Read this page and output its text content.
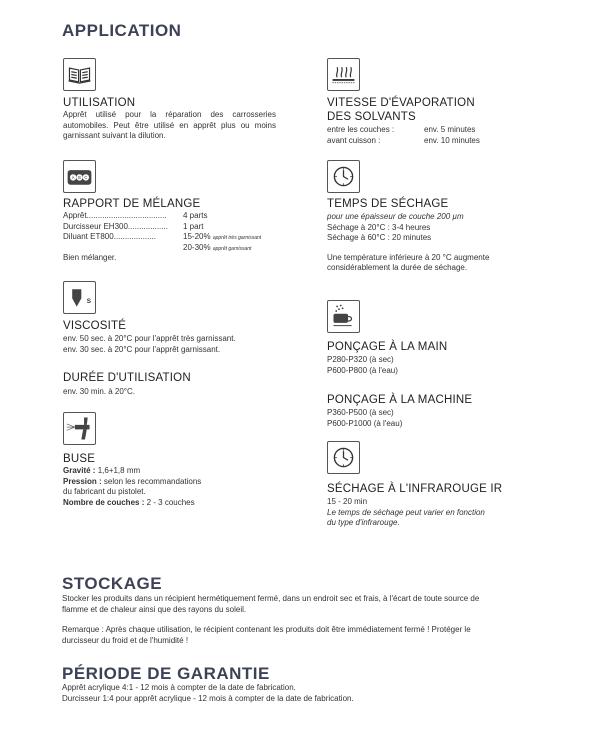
APPLICATION
UTILISATION
Apprêt utilisé pour la réparation des carrosseries automobiles. Peut être utilisé en apprêt plus ou moins garnissant suivant la dilution.
A B C
RAPPORT DE MÉLANGE
Apprêt.................................... 4 parts
Durcisseur EH300.................. 1 part
Diluant ET800...................	15-20% apprêt très garnissant
20-30% apprêt garnissant
Bien mélanger.
S
VISCOSITÉ
env. 50 sec. à 20°C pour l'apprêt très garnissant.
env. 30 sec. à 20°C pour l'apprêt garnissant.
DURÉE D'UTILISATION
env. 30 min. à 20°C.
BUSE
Gravité : 1,6+1,8 mm
Pression : selon les recommandations
du fabricant du pistolet.
Nombre de couches : 2 - 3 couches
VITESSE D'ÉVAPORATION
DES SOLVANTS
entre les couches :	env. 5 minutes
avant cuisson :	env. 10 minutes
TEMPS DE SÉCHAGE
pour une épaisseur de couche 200 µm
Séchage à 20°C : 3-4 heures
Séchage à 60°C : 20 minutes
Une température inférieure à 20 °C augmente considérablement la durée de séchage.
PONÇAGE À LA MAIN
P280-P320 (à sec)
P600-P800 (à l'eau)
PONÇAGE À LA MACHINE
P360-P500 (à sec)
P600-P1000 (à l'eau)
SÉCHAGE À L'INFRAROUGE IR
15 - 20 min
Le temps de séchage peut varier en fonction
du type d'infrarouge.
STOCKAGE
Stocker les produits dans un récipient hermétiquement fermé, dans un endroit sec et frais, à l'écart de toute source de
flamme et de chaleur ainsi que des rayons du soleil.
Remarque : Après chaque utilisation, le récipient contenant les produits doit être immédiatement fermé ! Protéger le
durcisseur du froid et de l'humidité !
PÉRIODE DE GARANTIE
Apprêt acrylique 4:1 - 12 mois à compter de la date de fabrication.
Durcisseur 1:4 pour apprêt acrylique - 12 mois à compter de la date de fabrication.
